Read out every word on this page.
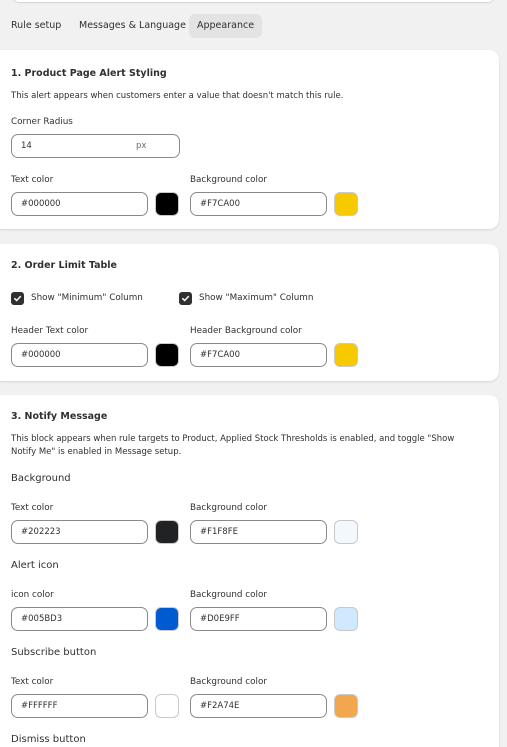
Rule setup	Messages & Language	Appearance
1. Product Page Alert Styling
This alert appears when customers enter a value that doesn't match this rule.
Corner Radius
14
px
Text color
#000000	Background color
#F7CA00
2. Order Limit Table
Show "Minimum" Column	Show "Maximum" Column
Header Text color
#000000	Header Background color
#F7CA00
3. Notify Message
This block appears when rule targets to Product, Applied Stock Thresholds is enabled, and toggle "Show Notify Me" is enabled in Message setup.
Background
Text color
#202223	Background color
#F1F8FE
Alert icon
icon color
#005BD3	Background color
#D0E9FF
Subscribe button
Text color
#FFFFFF	Background color
#F2A74E
Dismiss button
